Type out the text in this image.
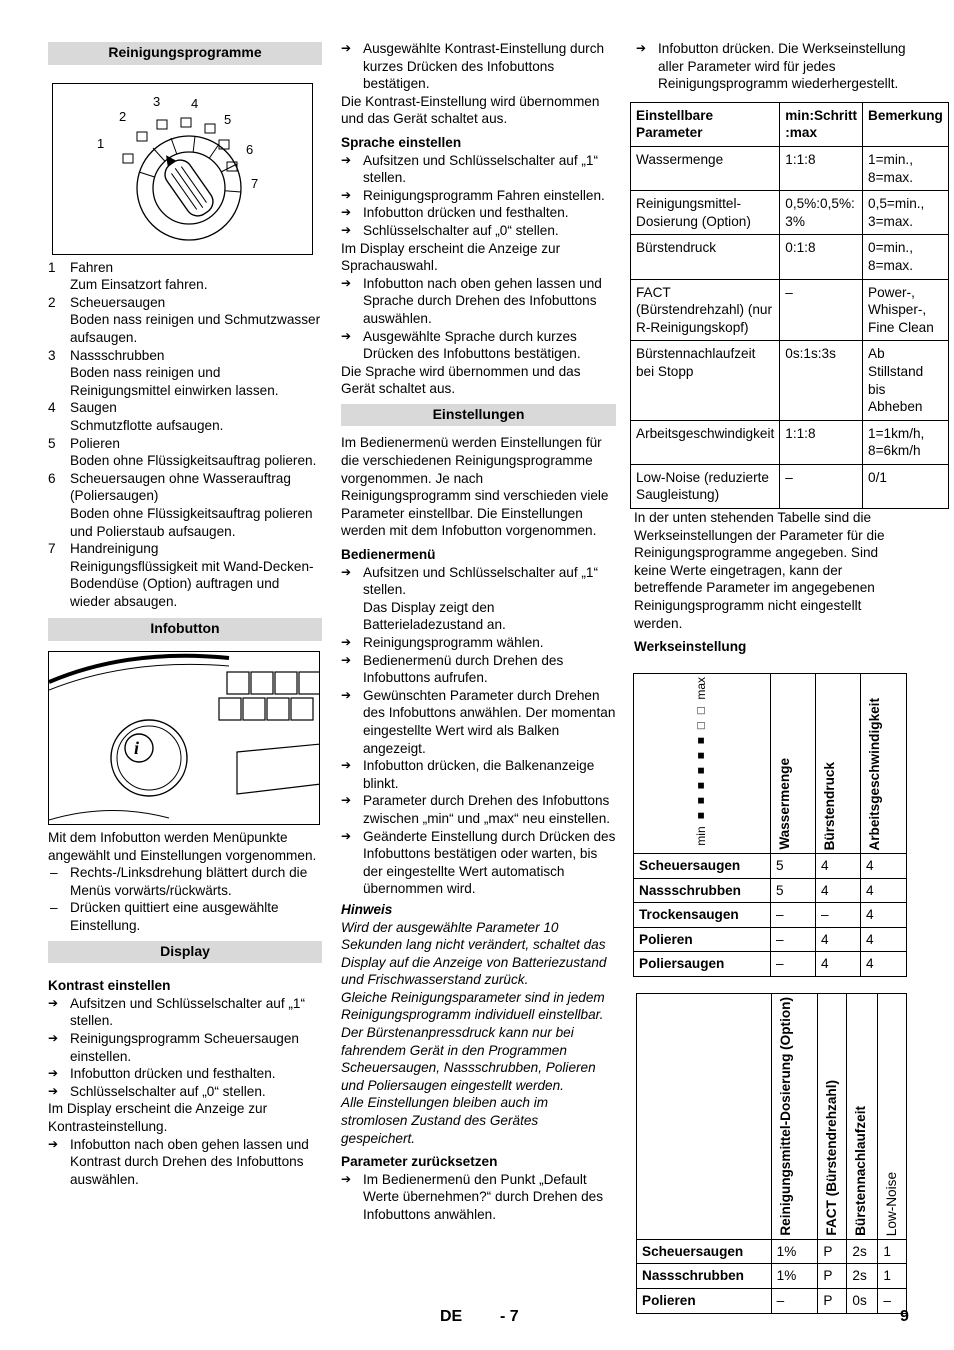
Reinigungsprogramme
1
2
3 4
5
6
7
1	Fahren

Zum Einsatzort fahren.

2	Scheuersaugen

Boden nass reinigen und Schmutzwasser aufsaugen.

3	Nassschrubben

Boden nass reinigen und Reinigungsmittel einwirken lassen.

4	Saugen

Schmutzflotte aufsaugen.

5	Polieren

Boden ohne Flüssigkeitsauftrag polieren.

6	Scheuersaugen ohne Wasserauftrag (Poliersaugen)

Boden ohne Flüssigkeitsauftrag polieren und Polierstaub aufsaugen.

7	Handreinigung

Reinigungsflüssigkeit mit Wand-Decken-Bodendüse (Option) auftragen und wieder absaugen.

Infobutton
i

Mit dem Infobutton werden Menüpunkte angewählt und Einstellungen vorgenommen.

– Rechts-/Linksdrehung blättert durch die Menüs vorwärts/rückwärts.

– Drücken quittiert eine ausgewählte Einstellung.

Display

Kontrast einstellen

➔ Aufsitzen und Schlüsselschalter auf „1“ stellen.

➔ Reinigungsprogramm Scheuersaugen einstellen.

➔ Infobutton drücken und festhalten.

➔ Schlüsselschalter auf „0“ stellen.

Im Display erscheint die Anzeige zur Kontrasteinstellung.

➔ Infobutton nach oben gehen lassen und Kontrast durch Drehen des Infobuttons auswählen.

➔ Ausgewählte Kontrast-Einstellung durch kurzes Drücken des Infobuttons bestätigen.

Die Kontrast-Einstellung wird übernommen und das Gerät schaltet aus.

Sprache einstellen

➔ Aufsitzen und Schlüsselschalter auf „1“ stellen.

➔ Reinigungsprogramm Fahren einstellen.

➔ Infobutton drücken und festhalten.

➔ Schlüsselschalter auf „0“ stellen.

Im Display erscheint die Anzeige zur Sprachauswahl.

➔ Infobutton nach oben gehen lassen und Sprache durch Drehen des Infobuttons auswählen.

➔ Ausgewählte Sprache durch kurzes Drücken des Infobuttons bestätigen.

Die Sprache wird übernommen und das Gerät schaltet aus.

Einstellungen

Im Bedienermenü werden Einstellungen für die verschiedenen Reinigungsprogramme vorgenommen. Je nach Reinigungsprogramm sind verschieden viele Parameter einstellbar. Die Einstellungen werden mit dem Infobutton vorgenommen.

Bedienermenü

➔ Aufsitzen und Schlüsselschalter auf „1“ stellen.

Das Display zeigt den Batterieladezustand an.

➔ Reinigungsprogramm wählen.

➔ Bedienermenü durch Drehen des Infobuttons aufrufen.

➔ Gewünschten Parameter durch Drehen des Infobuttons anwählen. Der momentan eingestellte Wert wird als Balken angezeigt.

➔ Infobutton drücken, die Balkenanzeige blinkt.

➔ Parameter durch Drehen des Infobuttons zwischen „min“ und „max“ neu einstellen.

➔ Geänderte Einstellung durch Drücken des Infobuttons bestätigen oder warten, bis der eingestellte Wert automatisch übernommen wird.

Hinweis

Wird der ausgewählte Parameter 10 Sekunden lang nicht verändert, schaltet das Display auf die Anzeige von Batteriezustand und Frischwasserstand zurück.

Gleiche Reinigungsparameter sind in jedem Reinigungsprogramm individuell einstellbar.

Der Bürstenanpressdruck kann nur bei fahrendem Gerät in den Programmen Scheuersaugen, Nassschrubben, Polieren und Poliersaugen eingestellt werden.

Alle Einstellungen bleiben auch im stromlosen Zustand des Gerätes gespeichert.

Parameter zurücksetzen

➔ Im Bedienermenü den Punkt „Default Werte übernehmen?“ durch Drehen des Infobuttons anwählen.

➔ Infobutton drücken. Die Werkseinstellung aller Parameter wird für jedes Reinigungsprogramm wiederhergestellt.

Einstellbare Parameter	min:Schritt :max	Bemerkung
Wassermenge	1:1:8	1=min., 8=max.
Reinigungsmittel-Dosierung (Option)	0,5%:0,5%: 3%	0,5=min., 3=max.
Bürstendruck	0:1:8	0=min., 8=max.
FACT (Bürstendrehzahl) (nur R-Reinigungskopf)	–	Power-, Whisper-, Fine Clean
Bürstennachlaufzeit bei Stopp	0s:1s:3s	Ab Stillstand bis Abheben
Arbeitsgeschwindigkeit	1:1:8	1=1km/h, 8=6km/h
Low-Noise (reduzierte Saugleistung)	–	0/1

In der unten stehenden Tabelle sind die Werkseinstellungen der Parameter für die Reinigungsprogramme angegeben. Sind keine Werte eingetragen, kann der betreffende Parameter im angegebenen Reinigungsprogramm nicht eingestellt werden.

Werkseinstellung

min ■■■■■■□□ max	Wassermenge	Bürstendruck	Arbeitsgeschwindigkeit

Scheuersaugen	5	4	4
Nassschrubben	5	4	4
Trockensaugen	–	–	4
Polieren	–	4	4
Poliersaugen	–	4	4

	Reinigungsmittel-Dosierung (Option)	FACT (Bürstendrehzahl)	Bürstennachlaufzeit	Low-Noise

Scheuersaugen	1%	P	2s	1
Nassschrubben	1%	P	2s	1
Polieren	–	P	0s	–
DE - 7	9
